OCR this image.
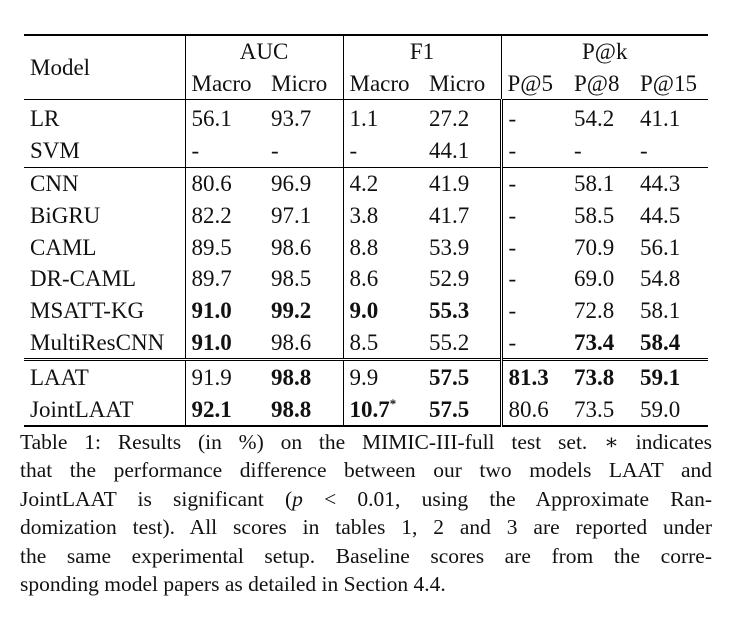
Model	AUC		F1		P@k		
	Macro	Micro	Macro	Micro	P@5	P@8	P@15
LR	56.1	93.7	1.1	27.2	-	54.2	41.1
SVM	-	-	-	44.1	-	-	-
CNN	80.6	96.9	4.2	41.9	-	58.1	44.3
BiGRU	82.2	97.1	3.8	41.7	-	58.5	44.5
CAML	89.5	98.6	8.8	53.9	-	70.9	56.1
DR-CAML	89.7	98.5	8.6	52.9	-	69.0	54.8
MSATT-KG	91.0	99.2	9.0	55.3	-	72.8	58.1
MultiResCNN	91.0	98.6	8.5	55.2	-	73.4	58.4
LAAT	91.9	98.8	9.9	57.5	81.3	73.8	59.1
JointLAAT	92.1	98.8	10.7*	57.5	80.6	73.5	59.0
Table 1: Results (in %) on the MIMIC-III-full test set. ∗ indicates
that the performance difference between our two models LAAT and
JointLAAT is significant (p < 0.01, using the Approximate Ran-
domization test). All scores in tables 1, 2 and 3 are reported under
the same experimental setup. Baseline scores are from the corre-
sponding model papers as detailed in Section 4.4.
